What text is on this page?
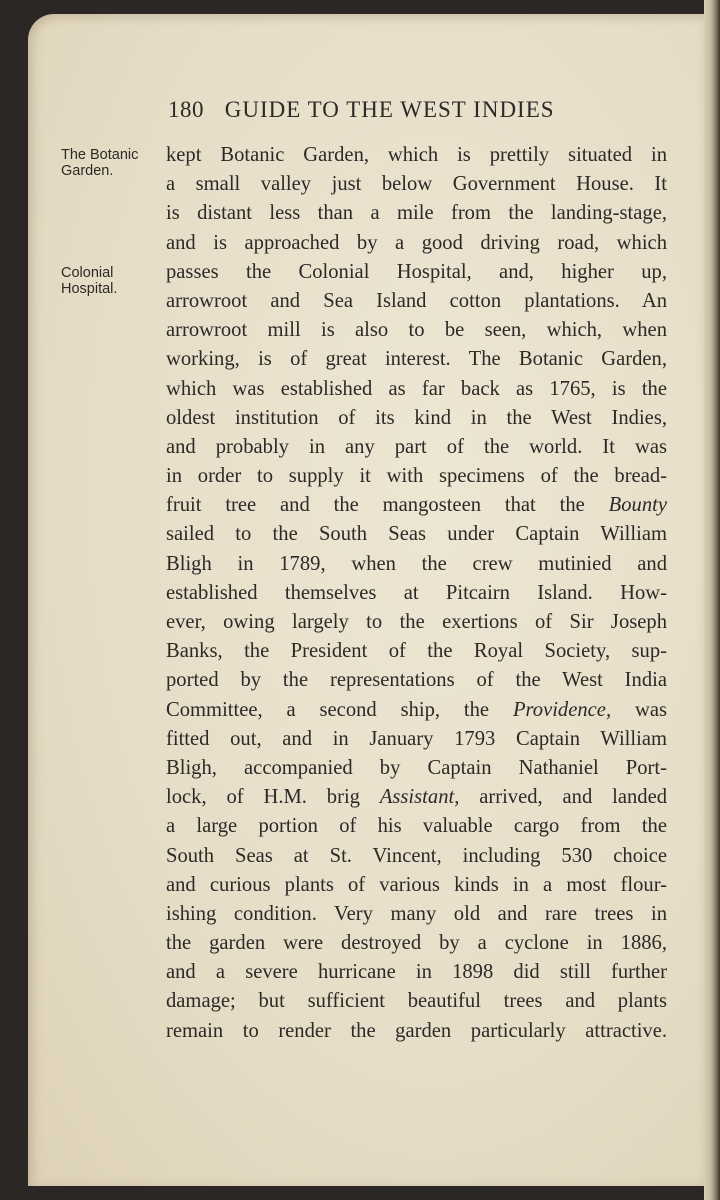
180 GUIDE TO THE WEST INDIES
The Botanic
Garden.
Colonial
Hospital.
kept Botanic Garden, which is prettily situated in
a small valley just below Government House. It
is distant less than a mile from the landing-stage,
and is approached by a good driving road, which
passes the Colonial Hospital, and, higher up,
arrowroot and Sea Island cotton plantations. An
arrowroot mill is also to be seen, which, when
working, is of great interest. The Botanic Garden,
which was established as far back as 1765, is the
oldest institution of its kind in the West Indies,
and probably in any part of the world. It was
in order to supply it with specimens of the bread-
fruit tree and the mangosteen that the Bounty
sailed to the South Seas under Captain William
Bligh in 1789, when the crew mutinied and
established themselves at Pitcairn Island. How-
ever, owing largely to the exertions of Sir Joseph
Banks, the President of the Royal Society, sup-
ported by the representations of the West India
Committee, a second ship, the Providence, was
fitted out, and in January 1793 Captain William
Bligh, accompanied by Captain Nathaniel Port-
lock, of H.M. brig Assistant, arrived, and landed
a large portion of his valuable cargo from the
South Seas at St. Vincent, including 530 choice
and curious plants of various kinds in a most flour-
ishing condition. Very many old and rare trees in
the garden were destroyed by a cyclone in 1886,
and a severe hurricane in 1898 did still further
damage; but sufficient beautiful trees and plants
remain to render the garden particularly attractive.
